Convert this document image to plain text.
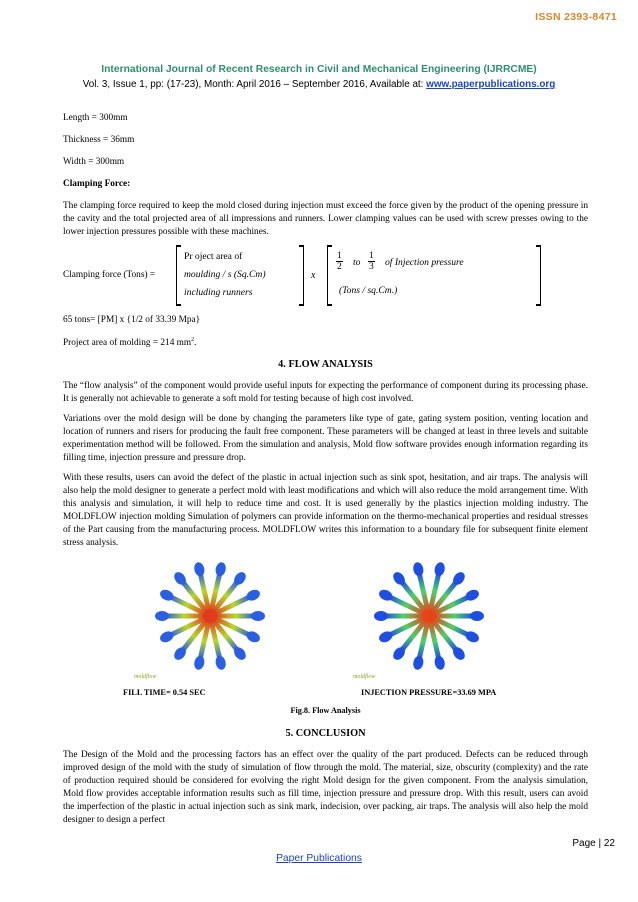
ISSN 2393-8471
International Journal of Recent Research in Civil and Mechanical Engineering (IJRRCME)
Vol. 3, Issue 1, pp: (17-23), Month: April 2016 – September 2016, Available at: www.paperpublications.org

Length = 300mm

Thickness = 36mm

Width = 300mm

Clamping Force:

The clamping force required to keep the mold closed during injection must exceed the force given by the product of the opening pressure in the cavity and the total projected area of all impressions and runners. Lower clamping values can be used with screw presses owing to the lower injection pressures possible with these machines.

Clamping force (Tons) =
Pr oject area of
moulding / s (Sq.Cm)
including runners
x
$\frac{1}{2}$ to $\frac{1}{3}$ of Injection pressure
(Tons / sq.Cm.)

65 tons= [PM] x {1/2 of 33.39 Mpa}

Project area of molding = 214 $mm^2$.

4. FLOW ANALYSIS

The “flow analysis” of the component would provide useful inputs for expecting the performance of component during its processing phase. It is generally not achievable to generate a soft mold for testing because of high cost involved.

Variations over the mold design will be done by changing the parameters like type of gate, gating system position, venting location and location of runners and risers for producing the fault free component. These parameters will be changed at least in three levels and suitable experimentation method will be followed. From the simulation and analysis, Mold flow software provides enough information regarding its filling time, injection pressure and pressure drop.

With these results, users can avoid the defect of the plastic in actual injection such as sink spot, hesitation, and air traps. The analysis will also help the mold designer to generate a perfect mold with least modifications and which will also reduce the mold arrangement time. With this analysis and simulation, it will help to reduce time and cost. It is used generally by the plastics injection molding industry. The MOLDFLOW injection molding Simulation of polymers can provide information on the thermo-mechanical properties and residual stresses of the Part causing from the manufacturing process. MOLDFLOW writes this information to a boundary file for subsequent finite element stress analysis.

moldflow	moldflow
FILL TIME= 0.54 SEC	INJECTION PRESSURE=33.69 MPA
Fig.8. Flow Analysis
5. CONCLUSION

The Design of the Mold and the processing factors has an effect over the quality of the part produced. Defects can be reduced through improved design of the mold with the study of simulation of flow through the mold. The material, size, obscurity (complexity) and the rate of production required should be considered for evolving the right Mold design for the given component. From the analysis simulation, Mold flow provides acceptable information results such as fill time, injection pressure and pressure drop. With this result, users can avoid the imperfection of the plastic in actual injection such as sink mark, indecision, over packing, air traps. The analysis will also help the mold designer to design a perfect

Page | 22
Paper Publications
